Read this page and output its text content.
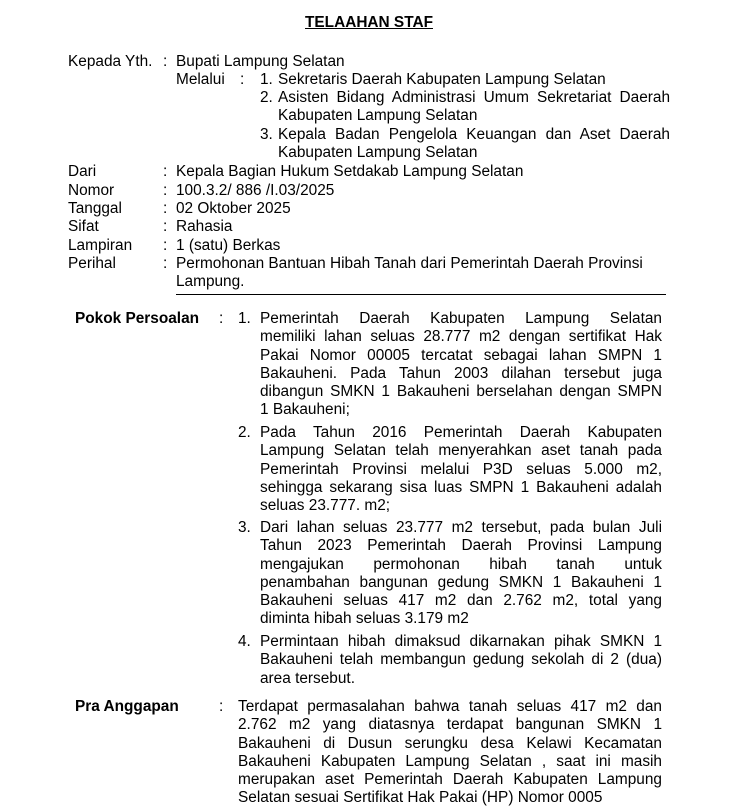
TELAAHAN STAF
Kepada Yth. : Bupati Lampung Selatan
Melalui : 1. Sekretaris Daerah Kabupaten Lampung Selatan
2. Asisten Bidang Administrasi Umum Sekretariat Daerah
Kabupaten Lampung Selatan
3. Kepala Badan Pengelola Keuangan dan Aset Daerah
Kabupaten Lampung Selatan
Dari	: Kepala Bagian Hukum Setdakab Lampung Selatan
Nomor	: 100.3.2/ 886 /I.03/2025
Tanggal	: 02 Oktober 2025
Sifat	: Rahasia
Lampiran : 1 (satu) Berkas
Perihal	: Permohonan Bantuan Hibah Tanah dari Pemerintah Daerah Provinsi
Lampung.
Pokok Persoalan : 1. Pemerintah Daerah Kabupaten Lampung Selatan
memiliki lahan seluas 28.777 m2 dengan sertifikat Hak
Pakai Nomor 00005 tercatat sebagai lahan SMPN 1
Bakauheni. Pada Tahun 2003 dilahan tersebut juga
dibangun SMKN 1 Bakauheni berselahan dengan SMPN
1 Bakauheni;
2. Pada Tahun 2016 Pemerintah Daerah Kabupaten
Lampung Selatan telah menyerahkan aset tanah pada
Pemerintah Provinsi melalui P3D seluas 5.000 m2,
sehingga sekarang sisa luas SMPN 1 Bakauheni adalah
seluas 23.777. m2;
3. Dari lahan seluas 23.777 m2 tersebut, pada bulan Juli
Tahun 2023 Pemerintah Daerah Provinsi Lampung
mengajukan permohonan hibah tanah untuk
penambahan bangunan gedung SMKN 1 Bakauheni 1
Bakauheni seluas 417 m2 dan 2.762 m2, total yang
diminta hibah seluas 3.179 m2
4. Permintaan hibah dimaksud dikarnakan pihak SMKN 1
Bakauheni telah membangun gedung sekolah di 2 (dua)
area tersebut.
Pra Anggapan	: Terdapat permasalahan bahwa tanah seluas 417 m2 dan
2.762 m2 yang diatasnya terdapat bangunan SMKN 1
Bakauheni di Dusun serungku desa Kelawi Kecamatan
Bakauheni Kabupaten Lampung Selatan , saat ini masih
merupakan aset Pemerintah Daerah Kabupaten Lampung
Selatan sesuai Sertifikat Hak Pakai (HP) Nomor 0005
